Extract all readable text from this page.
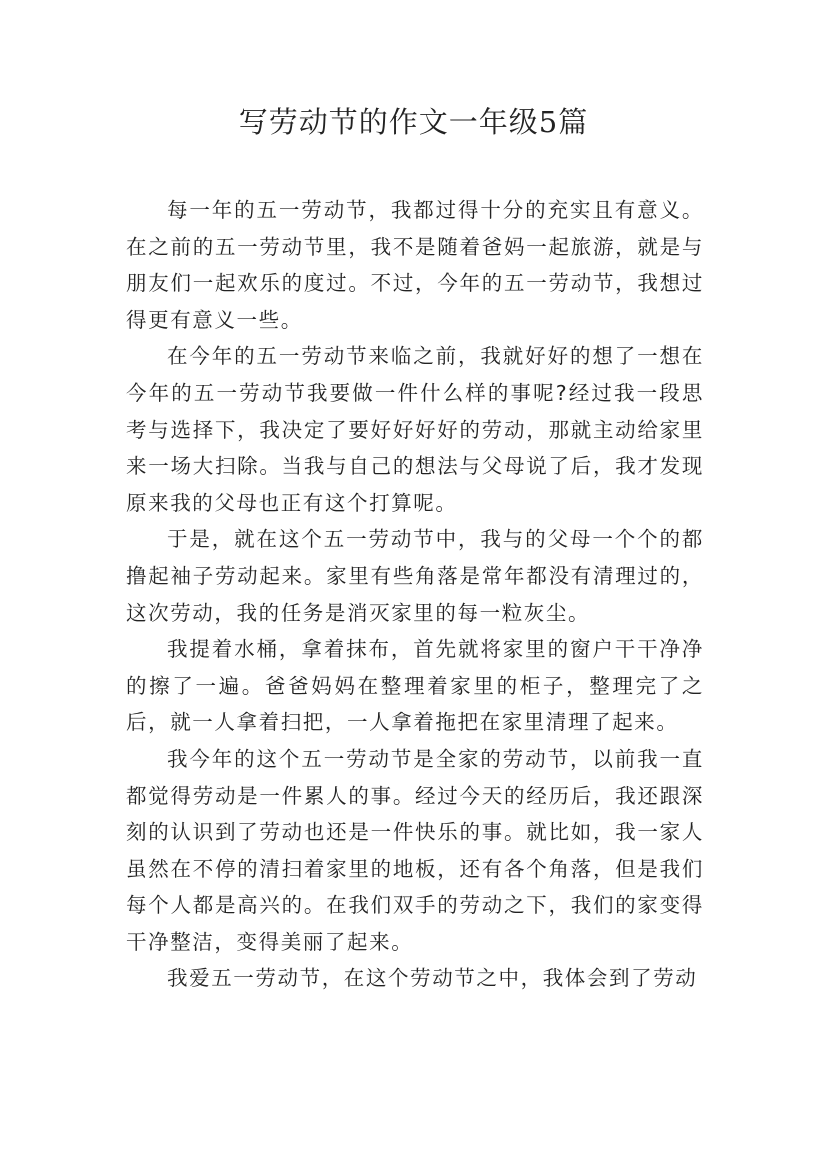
写劳动节的作文一年级5篇

每一年的五一劳动节，我都过得十分的充实且有意义。在之前的五一劳动节里，我不是随着爸妈一起旅游，就是与朋友们一起欢乐的度过。不过，今年的五一劳动节，我想过得更有意义一些。

在今年的五一劳动节来临之前，我就好好的想了一想在今年的五一劳动节我要做一件什么样的事呢?经过我一段思考与选择下，我决定了要好好好好的劳动，那就主动给家里来一场大扫除。当我与自己的想法与父母说了后，我才发现原来我的父母也正有这个打算呢。

于是，就在这个五一劳动节中，我与的父母一个个的都撸起袖子劳动起来。家里有些角落是常年都没有清理过的，这次劳动，我的任务是消灭家里的每一粒灰尘。

我提着水桶，拿着抹布，首先就将家里的窗户干干净净的擦了一遍。爸爸妈妈在整理着家里的柜子，整理完了之后，就一人拿着扫把，一人拿着拖把在家里清理了起来。

我今年的这个五一劳动节是全家的劳动节，以前我一直都觉得劳动是一件累人的事。经过今天的经历后，我还跟深刻的认识到了劳动也还是一件快乐的事。就比如，我一家人虽然在不停的清扫着家里的地板，还有各个角落，但是我们每个人都是高兴的。在我们双手的劳动之下，我们的家变得干净整洁，变得美丽了起来。

我爱五一劳动节，在这个劳动节之中，我体会到了劳动
